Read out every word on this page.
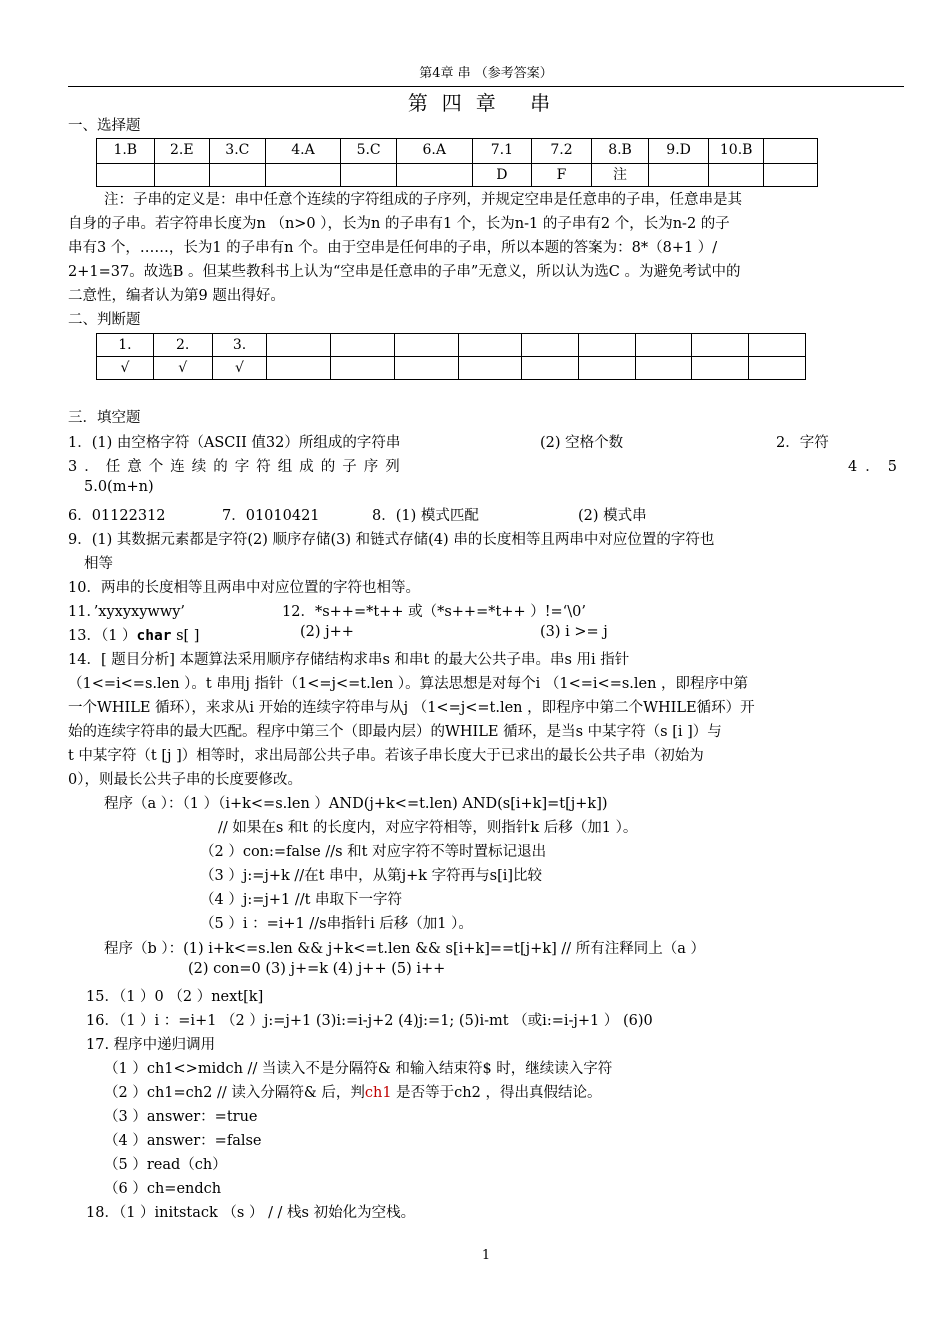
第4章 串 （参考答案）
第四章 串
一、选择题
1.B	2.E	3.C	4.A	5.C	6.A	7.1	7.2	8.B	9.D	10.B	
						D	F	注			
注：子串的定义是：串中任意个连续的字符组成的子序列，并规定空串是任意串的子串，任意串是其
自身的子串。若字符串长度为n （n>0 ），长为n 的子串有1 个，长为n-1 的子串有2 个，长为n-2 的子
串有3 个，……，长为1 的子串有n 个。由于空串是任何串的子串，所以本题的答案为：8*（8+1 ）/
2+1=37。故选B 。但某些教科书上认为“空串是任意串的子串”无意义，所以认为选C 。为避免考试中的
二意性，编者认为第9 题出得好。
二、判断题
1.	2.	3.									
√	√	√									
三．填空题
1．(1) 由空格字符（ASCII 值32）所组成的字符串	(2) 空格个数	2．字符
3．任意个连续的字符组成的子序列	4．5
5.0(m+n)
6．01122312	7．01010421	8．(1) 模式匹配	(2) 模式串
9．(1) 其数据元素都是字符(2) 顺序存储(3) 和链式存储(4) 串的长度相等且两串中对应位置的字符也
相等
10．两串的长度相等且两串中对应位置的字符也相等。
11．’xyxyxywwy’	12．*s++=*t++ 或（*s++=*t++ ）!=‘\0’
13．（1 ）char s[ ]	(2) j++	(3) i >= j
14．[ 题目分析] 本题算法采用顺序存储结构求串s 和串t 的最大公共子串。串s 用i 指针
（1<=i<=s.len ）。t 串用j 指针（1<=j<=t.len ）。算法思想是对每个i （1<=i<=s.len ，即程序中第
一个WHILE 循环），来求从i 开始的连续字符串与从j （1<=j<=t.len ，即程序中第二个WHILE循环）开
始的连续字符串的最大匹配。程序中第三个（即最内层）的WHILE 循环，是当s 中某字符（s [i ]）与
t 中某字符（t [j ]）相等时，求出局部公共子串。若该子串长度大于已求出的最长公共子串（初始为
0），则最长公共子串的长度要修改。
程序（a ）：（1 ）（i+k<=s.len ）AND(j+k<=t.len) AND(s[i+k]=t[j+k])
// 如果在s 和t 的长度内，对应字符相等，则指针k 后移（加1 ）。
（2 ）con:=false //s 和t 对应字符不等时置标记退出
（3 ）j:=j+k //在t 串中，从第j+k 字符再与s[i]比较
（4 ）j:=j+1 //t 串取下一字符
（5 ）i ：=i+1 //s串指针i 后移（加1 ）。
程序（b ）：(1) i+k<=s.len && j+k<=t.len && s[i+k]==t[j+k] // 所有注释同上（a ）
(2) con=0 (3) j+=k (4) j++ (5) i++
15．（1 ）0 （2 ）next[k]
16．（1 ）i ：=i+1 （2 ）j:=j+1 (3)i:=i-j+2 (4)j:=1; (5)i-mt （或i:=i-j+1 ） (6)0
17. 程序中递归调用
（1 ）ch1<>midch // 当读入不是分隔符& 和输入结束符$ 时，继续读入字符
（2 ）ch1=ch2 // 读入分隔符& 后，判ch1 是否等于ch2 ，得出真假结论。
（3 ）answer：=true
（4 ）answer：=false
（5 ）read（ch）
（6 ）ch=endch
18．（1 ）initstack （s ） / / 栈s 初始化为空栈。
1
